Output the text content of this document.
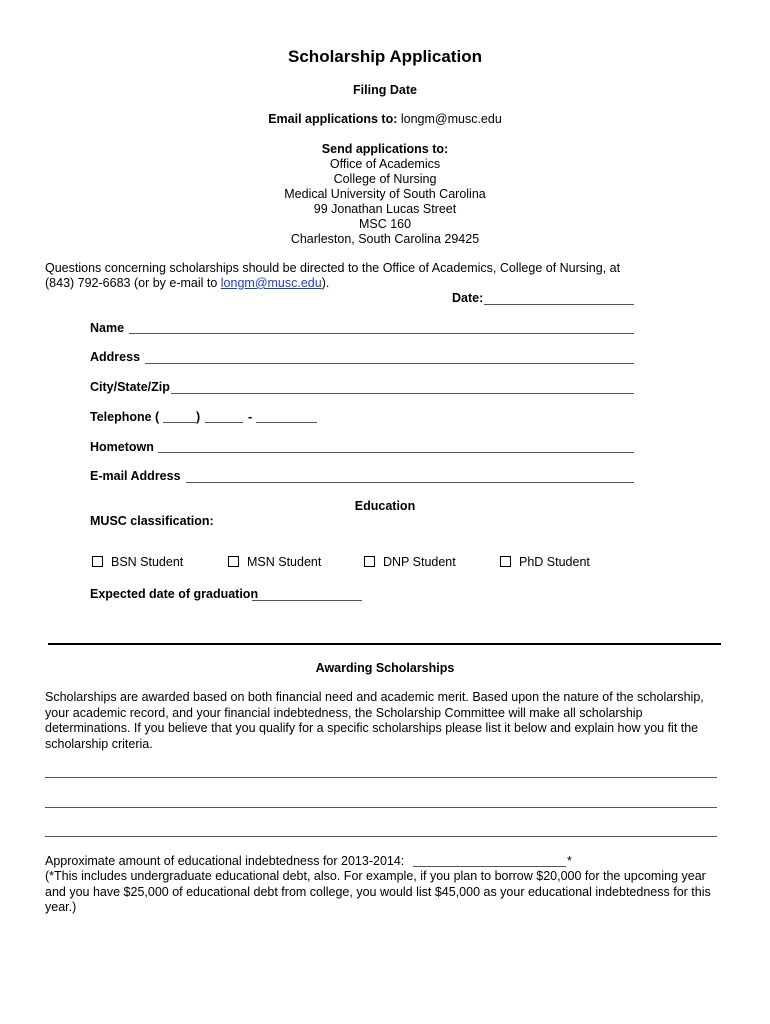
Scholarship Application
Filing Date
Email applications to: longm@musc.edu
Send applications to:
Office of Academics
College of Nursing
Medical University of South Carolina
99 Jonathan Lucas Street
MSC 160
Charleston, South Carolina 29425
Questions concerning scholarships should be directed to the Office of Academics, College of Nursing, at
(843) 792-6683 (or by e-mail to longm@musc.edu).
Date:
Name
Address
City/State/Zip
Telephone (	)	-
Hometown
E-mail Address
Education
MUSC classification:
BSN Student	MSN Student	DNP Student	PhD Student
Expected date of graduation
Awarding Scholarships
Scholarships are awarded based on both financial need and academic merit. Based upon the nature of the scholarship, your academic record, and your financial indebtedness, the Scholarship Committee will make all scholarship determinations. If you believe that you qualify for a specific scholarships please list it below and explain how you fit the scholarship criteria.
Approximate amount of educational indebtedness for 2013-2014:	*
(*This includes undergraduate educational debt, also. For example, if you plan to borrow $20,000 for the upcoming year and you have $25,000 of educational debt from college, you would list $45,000 as your educational indebtedness for this year.)
